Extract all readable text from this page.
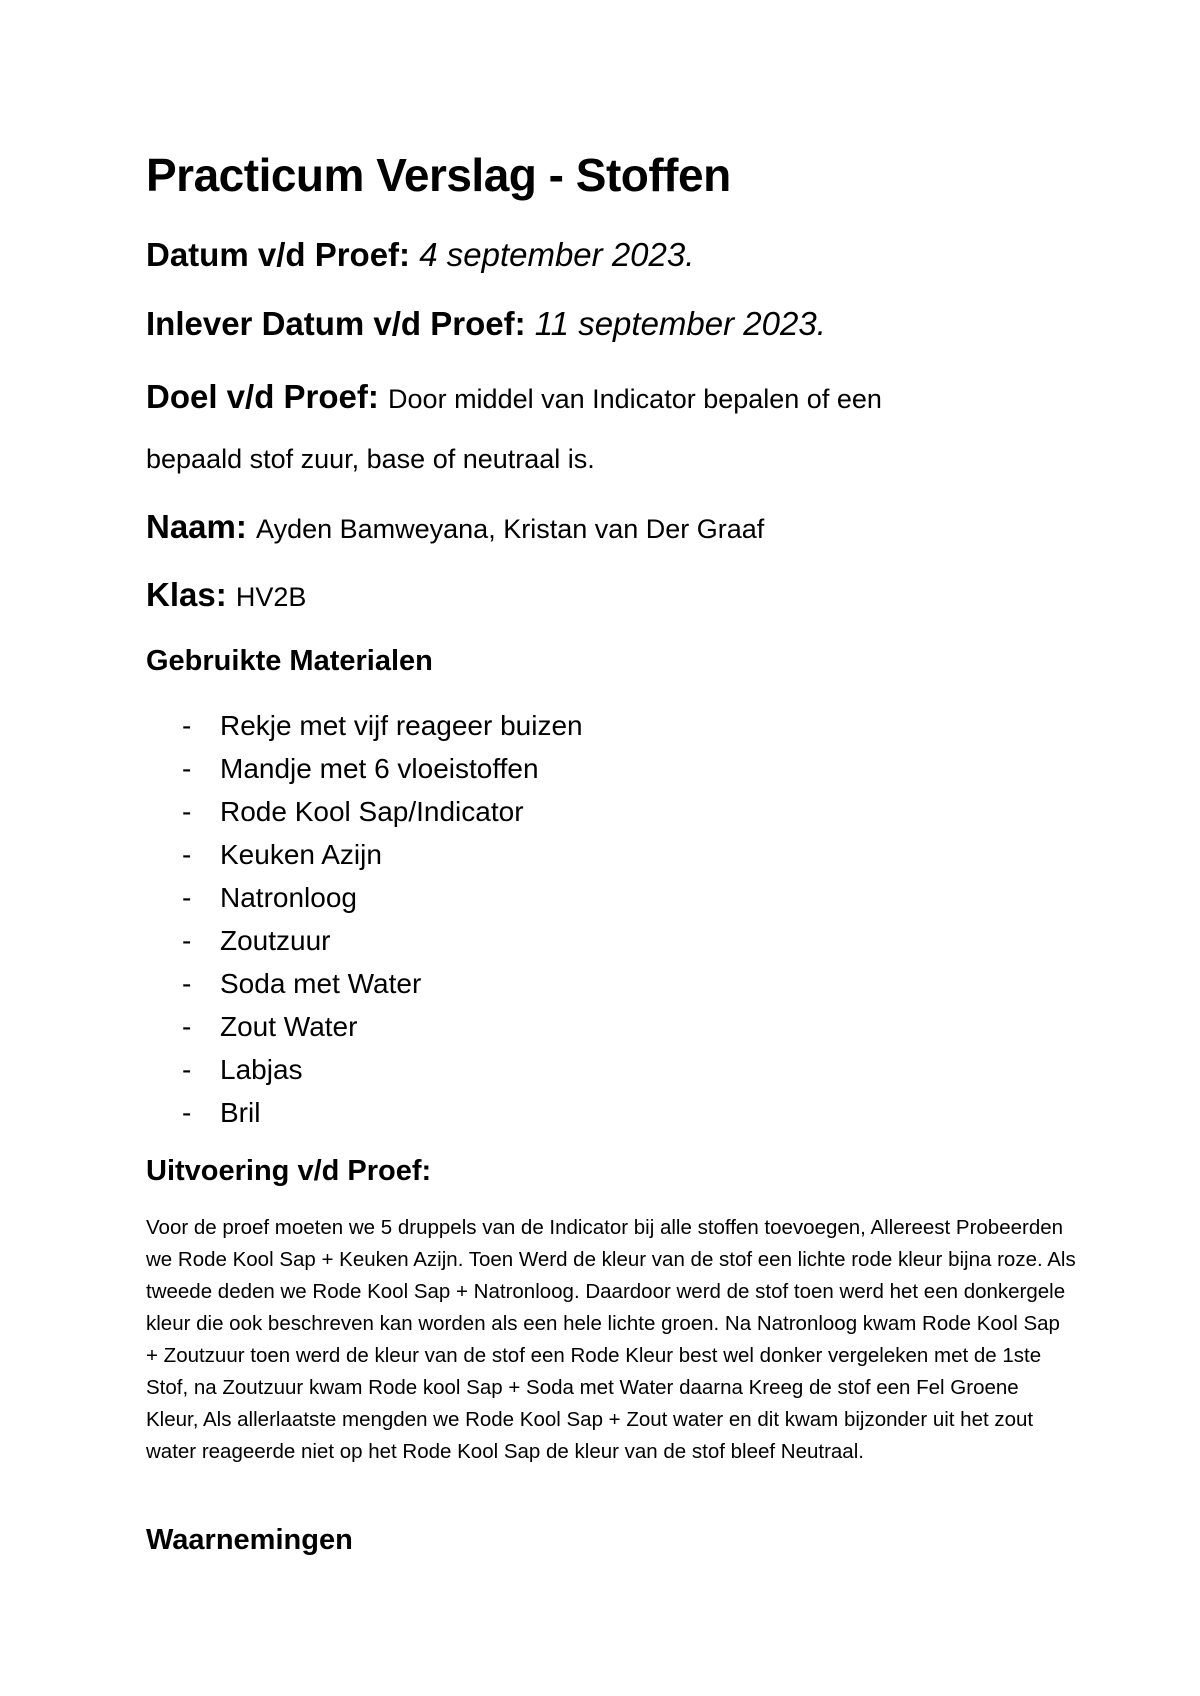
Practicum Verslag - Stoffen

Datum v/d Proef: 4 september 2023.

Inlever Datum v/d Proef: 11 september 2023.

Doel v/d Proef: Door middel van Indicator bepalen of een

bepaald stof zuur, base of neutraal is.

Naam: Ayden Bamweyana, Kristan van Der Graaf

Klas: HV2B

Gebruikte Materialen
- Rekje met vijf reageer buizen
- Mandje met 6 vloeistoffen
- Rode Kool Sap/Indicator
- Keuken Azijn
- Natronloog
- Zoutzuur
- Soda met Water
- Zout Water
- Labjas
- Bril
Uitvoering v/d Proef:

Voor de proef moeten we 5 druppels van de Indicator bij alle stoffen toevoegen, Allereest Probeerden we Rode Kool Sap + Keuken Azijn. Toen Werd de kleur van de stof een lichte rode kleur bijna roze. Als tweede deden we Rode Kool Sap + Natronloog. Daardoor werd de stof toen werd het een donkergele kleur die ook beschreven kan worden als een hele lichte groen. Na Natronloog kwam Rode Kool Sap + Zoutzuur toen werd de kleur van de stof een Rode Kleur best wel donker vergeleken met de 1ste Stof, na Zoutzuur kwam Rode kool Sap + Soda met Water daarna Kreeg de stof een Fel Groene Kleur, Als allerlaatste mengden we Rode Kool Sap + Zout water en dit kwam bijzonder uit het zout water reageerde niet op het Rode Kool Sap de kleur van de stof bleef Neutraal.

Waarnemingen
